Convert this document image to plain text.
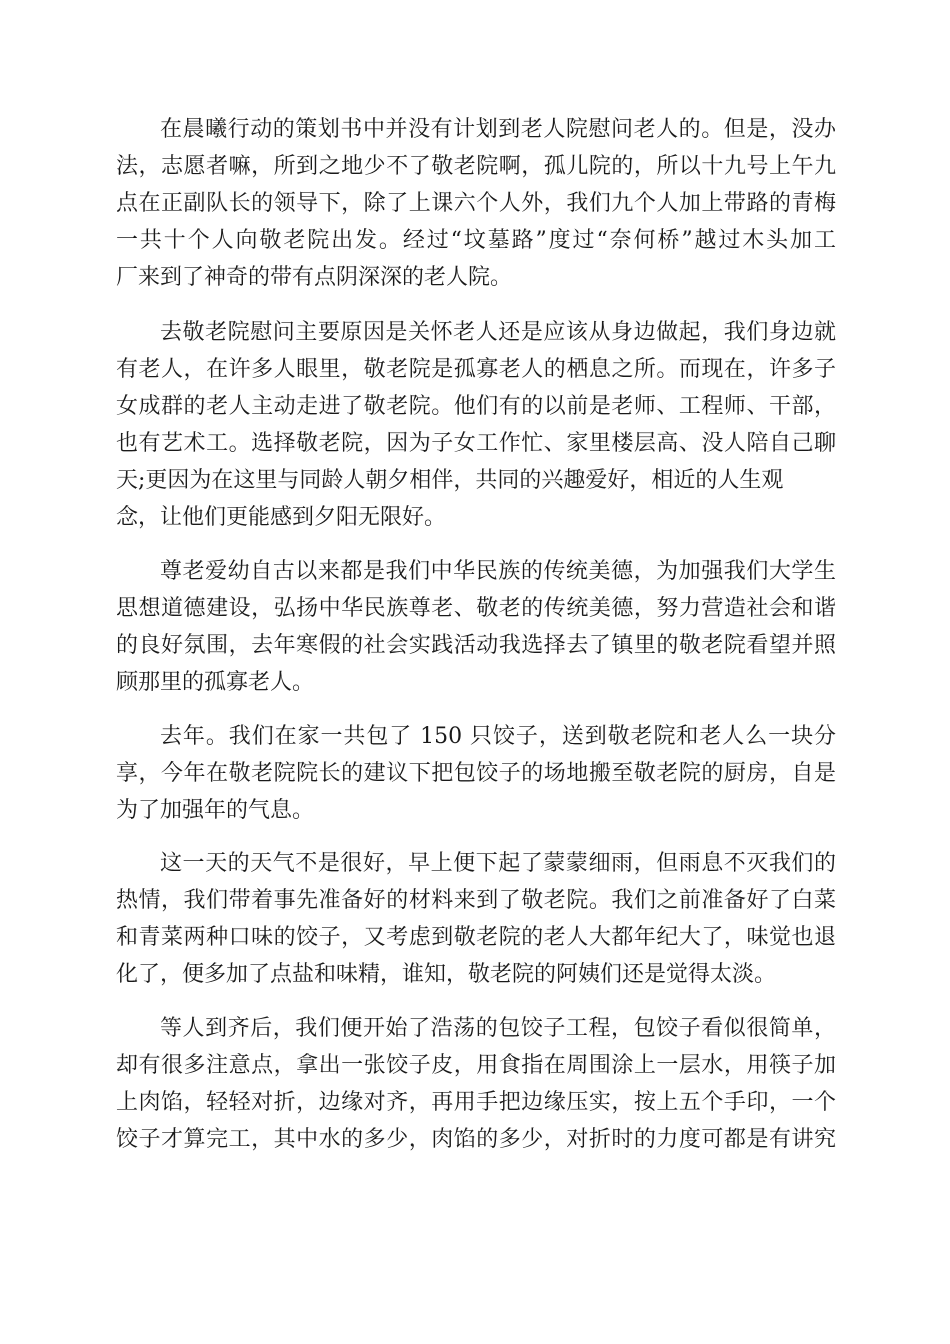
在晨曦行动的策划书中并没有计划到老人院慰问老人的。但是，没办
法，志愿者嘛，所到之地少不了敬老院啊，孤儿院的，所以十九号上午九
点在正副队长的领导下，除了上课六个人外，我们九个人加上带路的青梅
一共十个人向敬老院出发。经过“坟墓路”度过“奈何桥”越过木头加工
厂来到了神奇的带有点阴深深的老人院。
去敬老院慰问主要原因是关怀老人还是应该从身边做起，我们身边就
有老人，在许多人眼里，敬老院是孤寡老人的栖息之所。而现在，许多子
女成群的老人主动走进了敬老院。他们有的以前是老师、工程师、干部，
也有艺术工。选择敬老院，因为子女工作忙、家里楼层高、没人陪自己聊
天;更因为在这里与同龄人朝夕相伴，共同的兴趣爱好，相近的人生观
念，让他们更能感到夕阳无限好。
尊老爱幼自古以来都是我们中华民族的传统美德，为加强我们大学生
思想道德建设，弘扬中华民族尊老、敬老的传统美德，努力营造社会和谐
的良好氛围，去年寒假的社会实践活动我选择去了镇里的敬老院看望并照
顾那里的孤寡老人。
去年。我们在家一共包了 150 只饺子，送到敬老院和老人么一块分
享，今年在敬老院院长的建议下把包饺子的场地搬至敬老院的厨房，自是
为了加强年的气息。
这一天的天气不是很好，早上便下起了蒙蒙细雨，但雨息不灭我们的
热情，我们带着事先准备好的材料来到了敬老院。我们之前准备好了白菜
和青菜两种口味的饺子，又考虑到敬老院的老人大都年纪大了，味觉也退
化了，便多加了点盐和味精，谁知，敬老院的阿姨们还是觉得太淡。
等人到齐后，我们便开始了浩荡的包饺子工程，包饺子看似很简单，
却有很多注意点，拿出一张饺子皮，用食指在周围涂上一层水，用筷子加
上肉馅，轻轻对折，边缘对齐，再用手把边缘压实，按上五个手印，一个
饺子才算完工，其中水的多少，肉馅的多少，对折时的力度可都是有讲究
